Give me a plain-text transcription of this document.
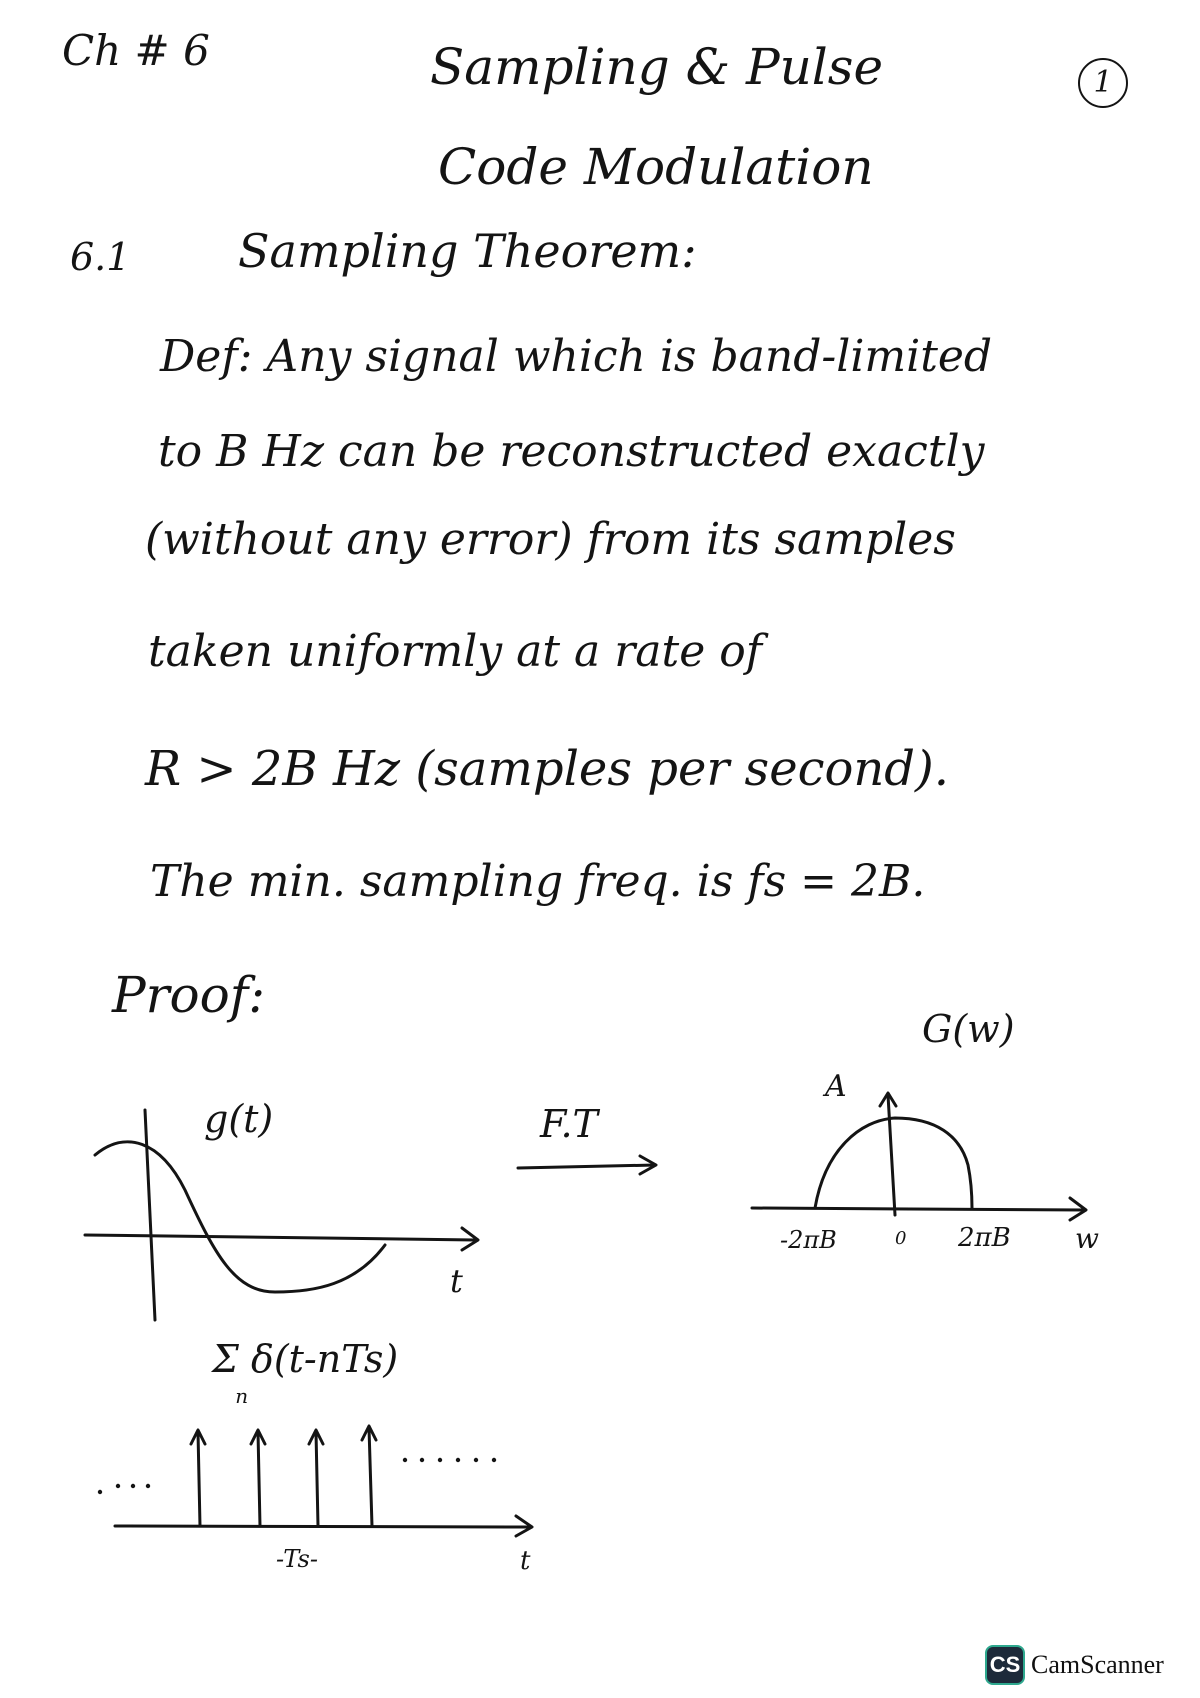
Ch # 6	Sampling & Pulse
Code Modulation
1
6.1 Sampling Theorem:
Def: Any signal which is band-limited
to B Hz can be reconstructed exactly
(without any error) from its samples
taken uniformly at a rate of
R > 2B Hz (samples per second).
The min. sampling freq. is fs = 2B.
Proof:
g(t)	F.T
G(w)
A
-2πB	0 2πB w
t
Σ δ(t-nTs) $_n$
-Ts-	t
CS CamScanner
